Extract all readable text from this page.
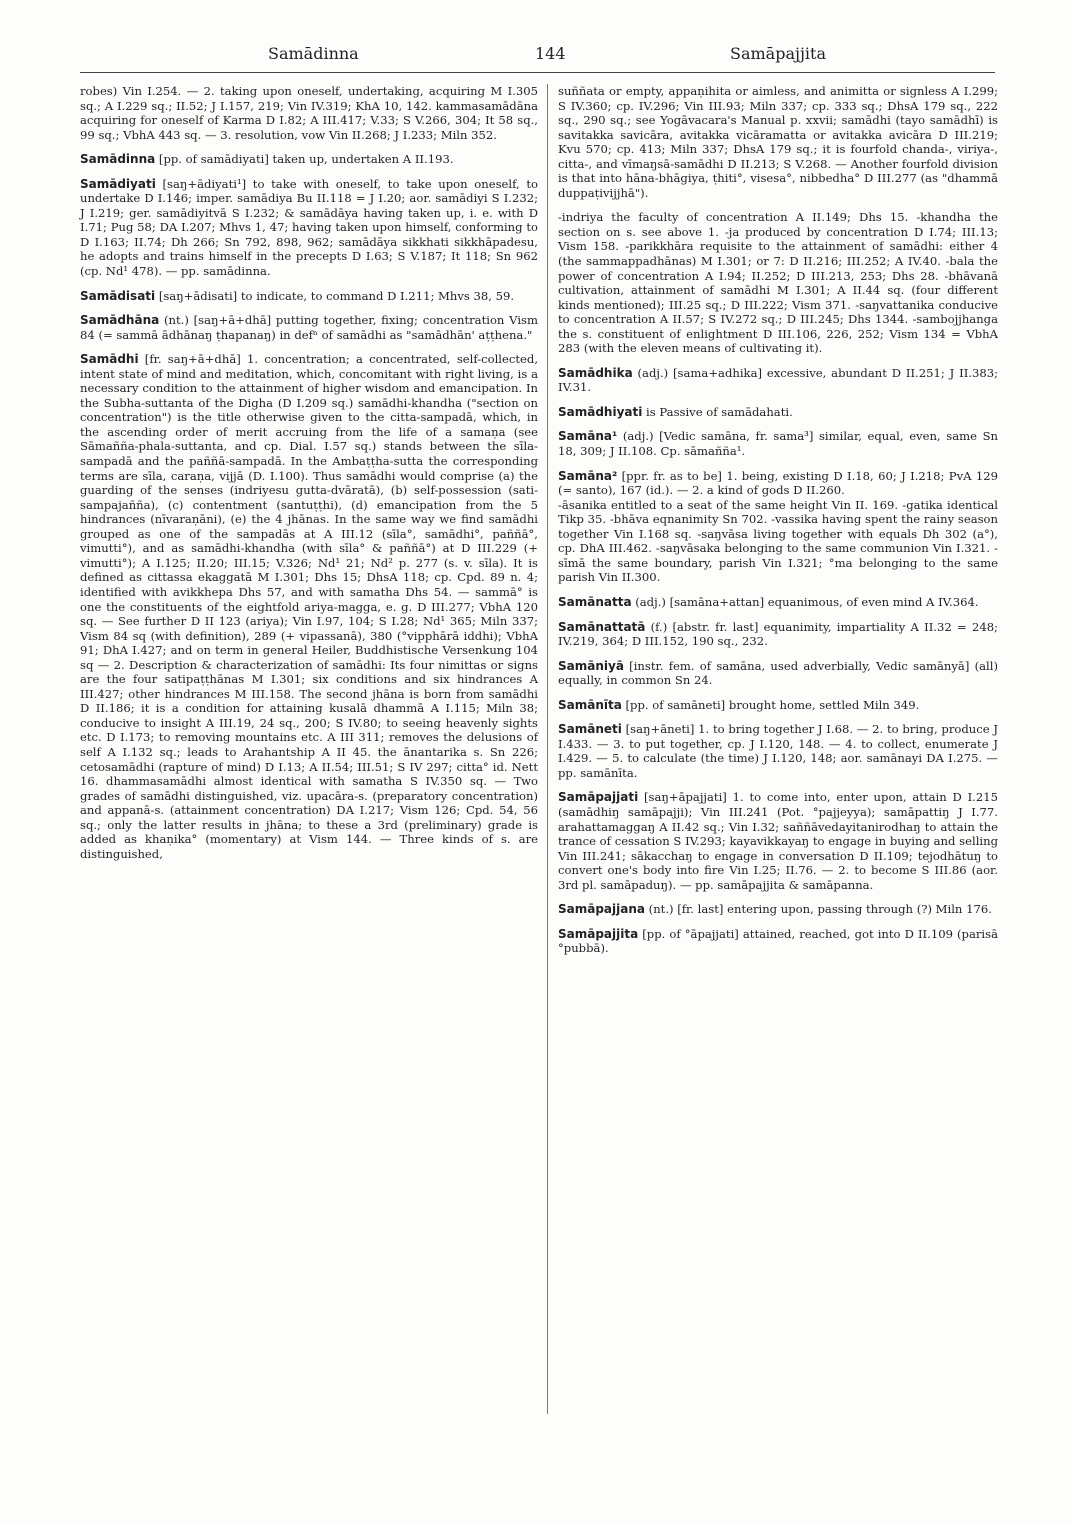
Samādinna	144	Samāpajjita

robes) Vin I.254. — 2. taking upon oneself, undertaking, acquiring M I.305 sq.; A I.229 sq.; II.52; J I.157, 219; Vin IV.319; KhA 10, 142. kammasamādāna acquiring for oneself of Karma D I.82; A III.417; V.33; S V.266, 304; It 58 sq., 99 sq.; VbhA 443 sq. — 3. resolution, vow Vin II.268; J I.233; Miln 352.

Samādinna [pp. of samādiyati] taken up, undertaken A II.193.

Samādiyati [saŋ+ādiyati¹] to take with oneself, to take upon oneself, to undertake D I.146; imper. samādiya Bu II.118 = J I.20; aor. samādiyi S I.232; J I.219; ger. samādiyitvā S I.232; & samādāya having taken up, i. e. with D I.71; Pug 58; DA I.207; Mhvs 1, 47; having taken upon himself, conforming to D I.163; II.74; Dh 266; Sn 792, 898, 962; samādāya sikkhati sikkhāpadesu, he adopts and trains himself in the precepts D I.63; S V.187; It 118; Sn 962 (cp. Nd¹ 478). — pp. samādinna.

Samādisati [saŋ+ādisati] to indicate, to command D I.211; Mhvs 38, 59.

Samādhāna (nt.) [saŋ+ā+dhā] putting together, fixing; concentration Vism 84 (= sammā ādhānaŋ ṭhapanaŋ) in defⁿ of samādhi as "samādhān' aṭṭhena."

Samādhi [fr. saŋ+ā+dhā] 1. concentration; a concentrated, self-collected, intent state of mind and meditation, which, concomitant with right living, is a necessary condition to the attainment of higher wisdom and emancipation. In the Subha-suttanta of the Digha (D I.209 sq.) samādhi-khandha ("section on concentration") is the title otherwise given to the citta-sampadā, which, in the ascending order of merit accruing from the life of a samaṇa (see Sāmañña-phala-suttanta, and cp. Dial. I.57 sq.) stands between the sīla-sampadā and the paññā-sampadā. In the Ambaṭṭha-sutta the corresponding terms are sīla, caraṇa, vijjā (D. I.100). Thus samādhi would comprise (a) the guarding of the senses (indriyesu gutta-dvāratā), (b) self-possession (sati-sampajañña), (c) contentment (santuṭṭhi), (d) emancipation from the 5 hindrances (nīvaraṇāni), (e) the 4 jhānas. In the same way we find samādhi grouped as one of the sampadās at A III.12 (sīla°, samādhi°, paññā°, vimutti°), and as samādhi-khandha (with sīla° & paññā°) at D III.229 (+ vimutti°); A I.125; II.20; III.15; V.326; Nd¹ 21; Nd² p. 277 (s. v. sīla). It is defined as cittassa ekaggatā M I.301; Dhs 15; DhsA 118; cp. Cpd. 89 n. 4; identified with avikkhepa Dhs 57, and with samatha Dhs 54. — sammā° is one the constituents of the eightfold ariya-magga, e. g. D III.277; VbhA 120 sq. — See further D II 123 (ariya); Vin I.97, 104; S I.28; Nd¹ 365; Miln 337; Vism 84 sq (with definition), 289 (+ vipassanā), 380 (°vipphārā iddhi); VbhA 91; DhA I.427; and on term in general Heiler, Buddhistische Versenkung 104 sq — 2. Description & characterization of samādhi: Its four nimittas or signs are the four satipaṭṭhānas M I.301; six conditions and six hindrances A III.427; other hindrances M III.158. The second jhāna is born from samādhi D II.186; it is a condition for attaining kusalā dhammā A I.115; Miln 38; conducive to insight A III.19, 24 sq., 200; S IV.80; to seeing heavenly sights etc. D I.173; to removing mountains etc. A III 311; removes the delusions of self A I.132 sq.; leads to Arahantship A II 45. the ānantarika s. Sn 226; cetosamādhi (rapture of mind) D I.13; A II.54; III.51; S IV 297; citta° id. Nett 16. dhammasamādhi almost identical with samatha S IV.350 sq. — Two grades of samādhi distinguished, viz. upacāra-s. (preparatory concentration) and appanā-s. (attainment concentration) DA I.217; Vism 126; Cpd. 54, 56 sq.; only the latter results in jhāna; to these a 3rd (preliminary) grade is added as khaṇika° (momentary) at Vism 144. — Three kinds of s. are distinguished,

suññata or empty, appaṇihita or aimless, and animitta or signless A I.299; S IV.360; cp. IV.296; Vin III.93; Miln 337; cp. 333 sq.; DhsA 179 sq., 222 sq., 290 sq.; see Yogāvacara's Manual p. xxvii; samādhi (tayo samādhī) is savitakka savicāra, avitakka vicāramatta or avitakka avicāra D III.219; Kvu 570; cp. 413; Miln 337; DhsA 179 sq.; it is fourfold chanda-, viriya-, citta-, and vīmaŋsā-samādhi D II.213; S V.268. — Another fourfold division is that into hāna-bhāgiya, ṭhiti°, visesa°, nibbedha° D III.277 (as "dhammā duppaṭivijjhā").

-indriya the faculty of concentration A II.149; Dhs 15. -khandha the section on s. see above 1. -ja produced by concentration D I.74; III.13; Vism 158. -parikkhāra requisite to the attainment of samādhi: either 4 (the sammappadhānas) M I.301; or 7: D II.216; III.252; A IV.40. -bala the power of concentration A I.94; II.252; D III.213, 253; Dhs 28. -bhāvanā cultivation, attainment of samādhi M I.301; A II.44 sq. (four different kinds mentioned); III.25 sq.; D III.222; Vism 371. -saŋvattanika conducive to concentration A II.57; S IV.272 sq.; D III.245; Dhs 1344. -sambojjhanga the s. constituent of enlightment D III.106, 226, 252; Vism 134 = VbhA 283 (with the eleven means of cultivating it).

Samādhika (adj.) [sama+adhika] excessive, abundant D II.251; J II.383; IV.31.

Samādhiyati is Passive of samādahati.

Samāna¹ (adj.) [Vedic samāna, fr. sama³] similar, equal, even, same Sn 18, 309; J II.108. Cp. sāmañña¹.

Samāna² [ppr. fr. as to be] 1. being, existing D I.18, 60; J I.218; PvA 129 (= santo), 167 (id.). — 2. a kind of gods D II.260.
-āsanika entitled to a seat of the same height Vin II. 169. -gatika identical Tikp 35. -bhāva eqnanimity Sn 702. -vassika having spent the rainy season together Vin I.168 sq. -saŋvāsa living together with equals Dh 302 (a°), cp. DhA III.462. -saŋvāsaka belonging to the same communion Vin I.321. -sīmā the same boundary, parish Vin I.321; °ma belonging to the same parish Vin II.300.

Samānatta (adj.) [samāna+attan] equanimous, of even mind A IV.364.

Samānattatā (f.) [abstr. fr. last] equanimity, impartiality A II.32 = 248; IV.219, 364; D III.152, 190 sq., 232.

Samāniyā [instr. fem. of samāna, used adverbially, Vedic samānyā] (all) equally, in common Sn 24.

Samānīta [pp. of samāneti] brought home, settled Miln 349.

Samāneti [saŋ+āneti] 1. to bring together J I.68. — 2. to bring, produce J I.433. — 3. to put together, cp. J I.120, 148. — 4. to collect, enumerate J I.429. — 5. to calculate (the time) J I.120, 148; aor. samānayi DA I.275. — pp. samānīta.

Samāpajjati [saŋ+āpajjati] 1. to come into, enter upon, attain D I.215 (samādhiŋ samāpajji); Vin III.241 (Pot. °pajjeyya); samāpattiŋ J I.77. arahattamaggaŋ A II.42 sq.; Vin I.32; saññāvedayitanirodhaŋ to attain the trance of cessation S IV.293; kayavikkayaŋ to engage in buying and selling Vin III.241; sākacchaŋ to engage in conversation D II.109; tejodhātuŋ to convert one's body into fire Vin I.25; II.76. — 2. to become S III.86 (aor. 3rd pl. samāpaduŋ). — pp. samāpajjita & samāpanna.

Samāpajjana (nt.) [fr. last] entering upon, passing through (?) Miln 176.

Samāpajjita [pp. of °āpajjati] attained, reached, got into D II.109 (parisā °pubbā).
